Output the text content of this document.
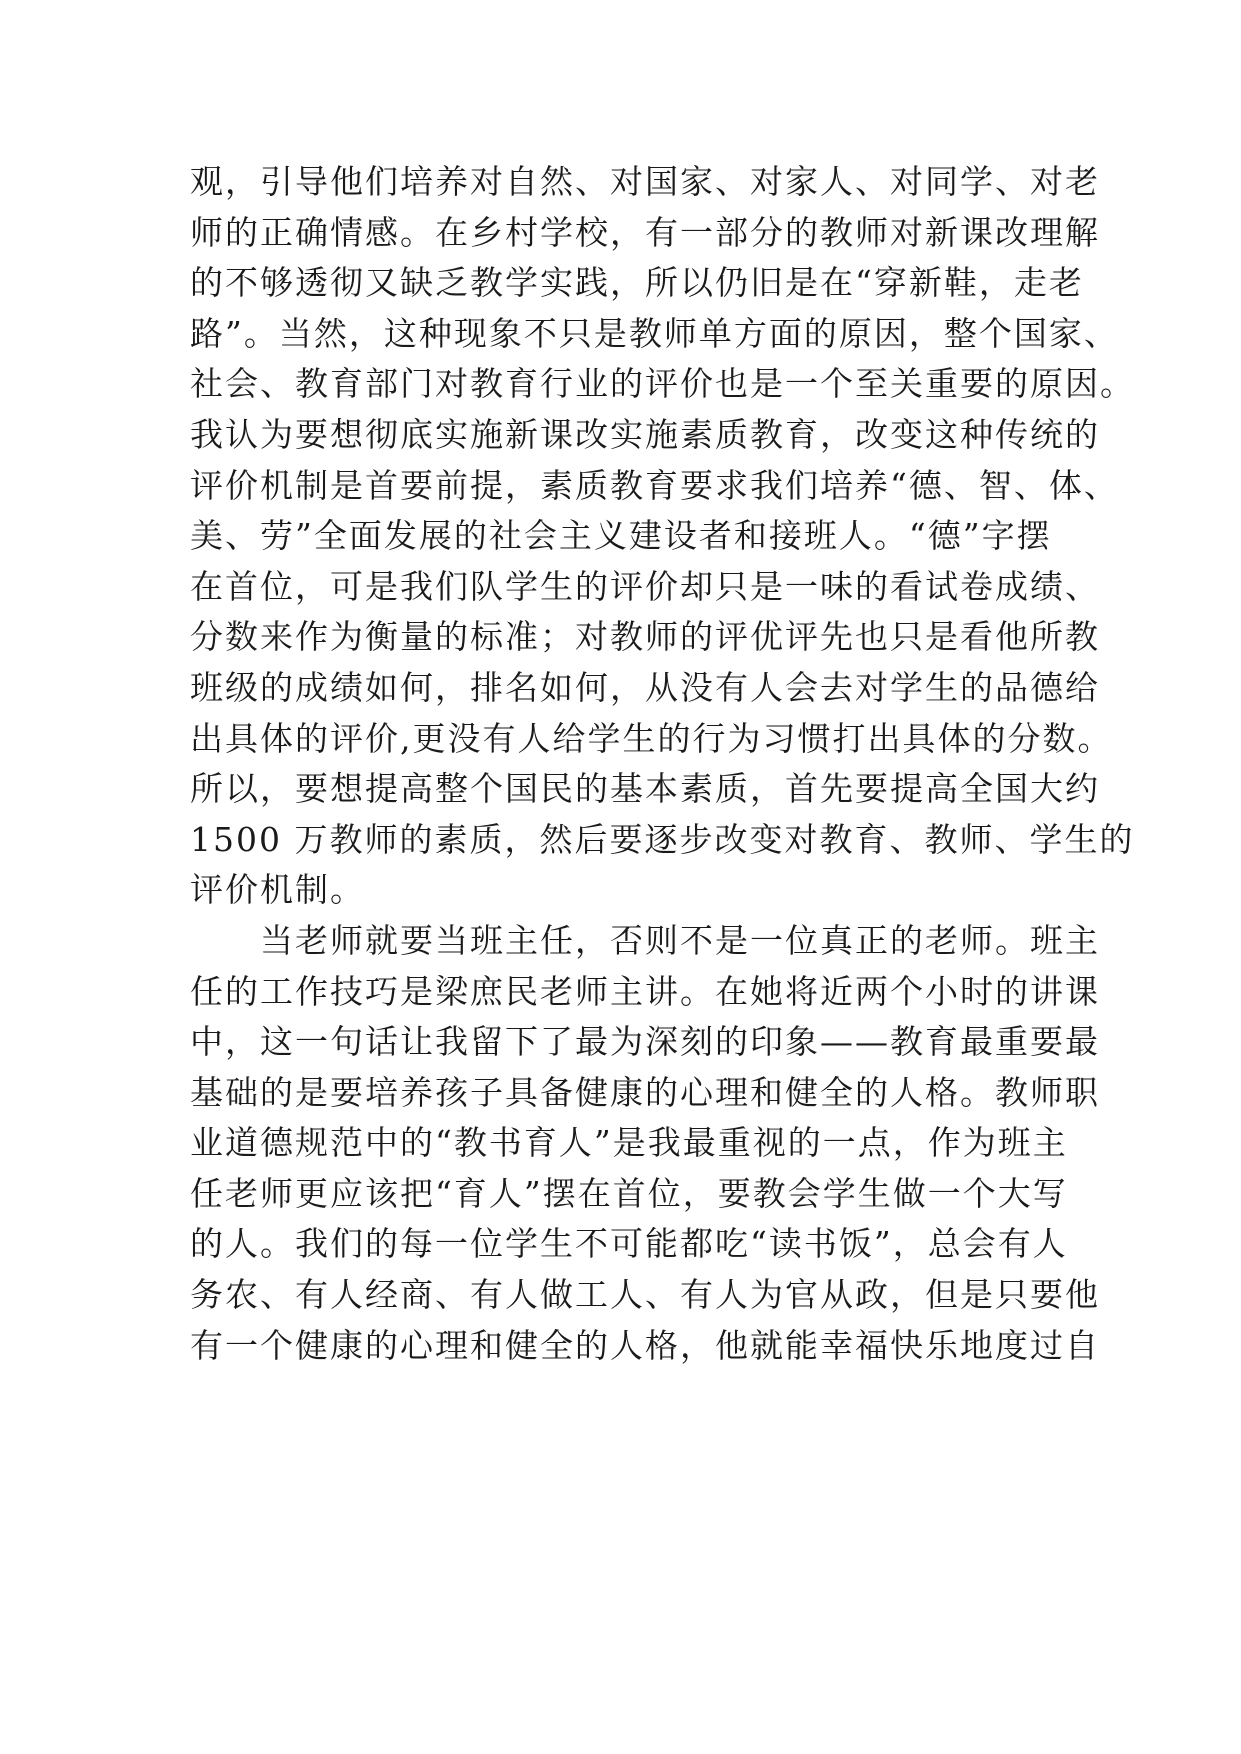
观，引导他们培养对自然、对国家、对家人、对同学、对老
师的正确情感。在乡村学校，有一部分的教师对新课改理解
的不够透彻又缺乏教学实践，所以仍旧是在“穿新鞋，走老
路”。当然，这种现象不只是教师单方面的原因，整个国家、
社会、教育部门对教育行业的评价也是一个至关重要的原因。
我认为要想彻底实施新课改实施素质教育，改变这种传统的
评价机制是首要前提，素质教育要求我们培养“德、智、体、
美、劳”全面发展的社会主义建设者和接班人。“德”字摆
在首位，可是我们队学生的评价却只是一味的看试卷成绩、
分数来作为衡量的标准；对教师的评优评先也只是看他所教
班级的成绩如何，排名如何，从没有人会去对学生的品德给
出具体的评价,更没有人给学生的行为习惯打出具体的分数。
所以，要想提高整个国民的基本素质，首先要提高全国大约
1500 万教师的素质，然后要逐步改变对教育、教师、学生的
评价机制。
当老师就要当班主任，否则不是一位真正的老师。班主
任的工作技巧是梁庶民老师主讲。在她将近两个小时的讲课
中，这一句话让我留下了最为深刻的印象——教育最重要最
基础的是要培养孩子具备健康的心理和健全的人格。教师职
业道德规范中的“教书育人”是我最重视的一点，作为班主
任老师更应该把“育人”摆在首位，要教会学生做一个大写
的人。我们的每一位学生不可能都吃“读书饭”，总会有人
务农、有人经商、有人做工人、有人为官从政，但是只要他
有一个健康的心理和健全的人格，他就能幸福快乐地度过自
